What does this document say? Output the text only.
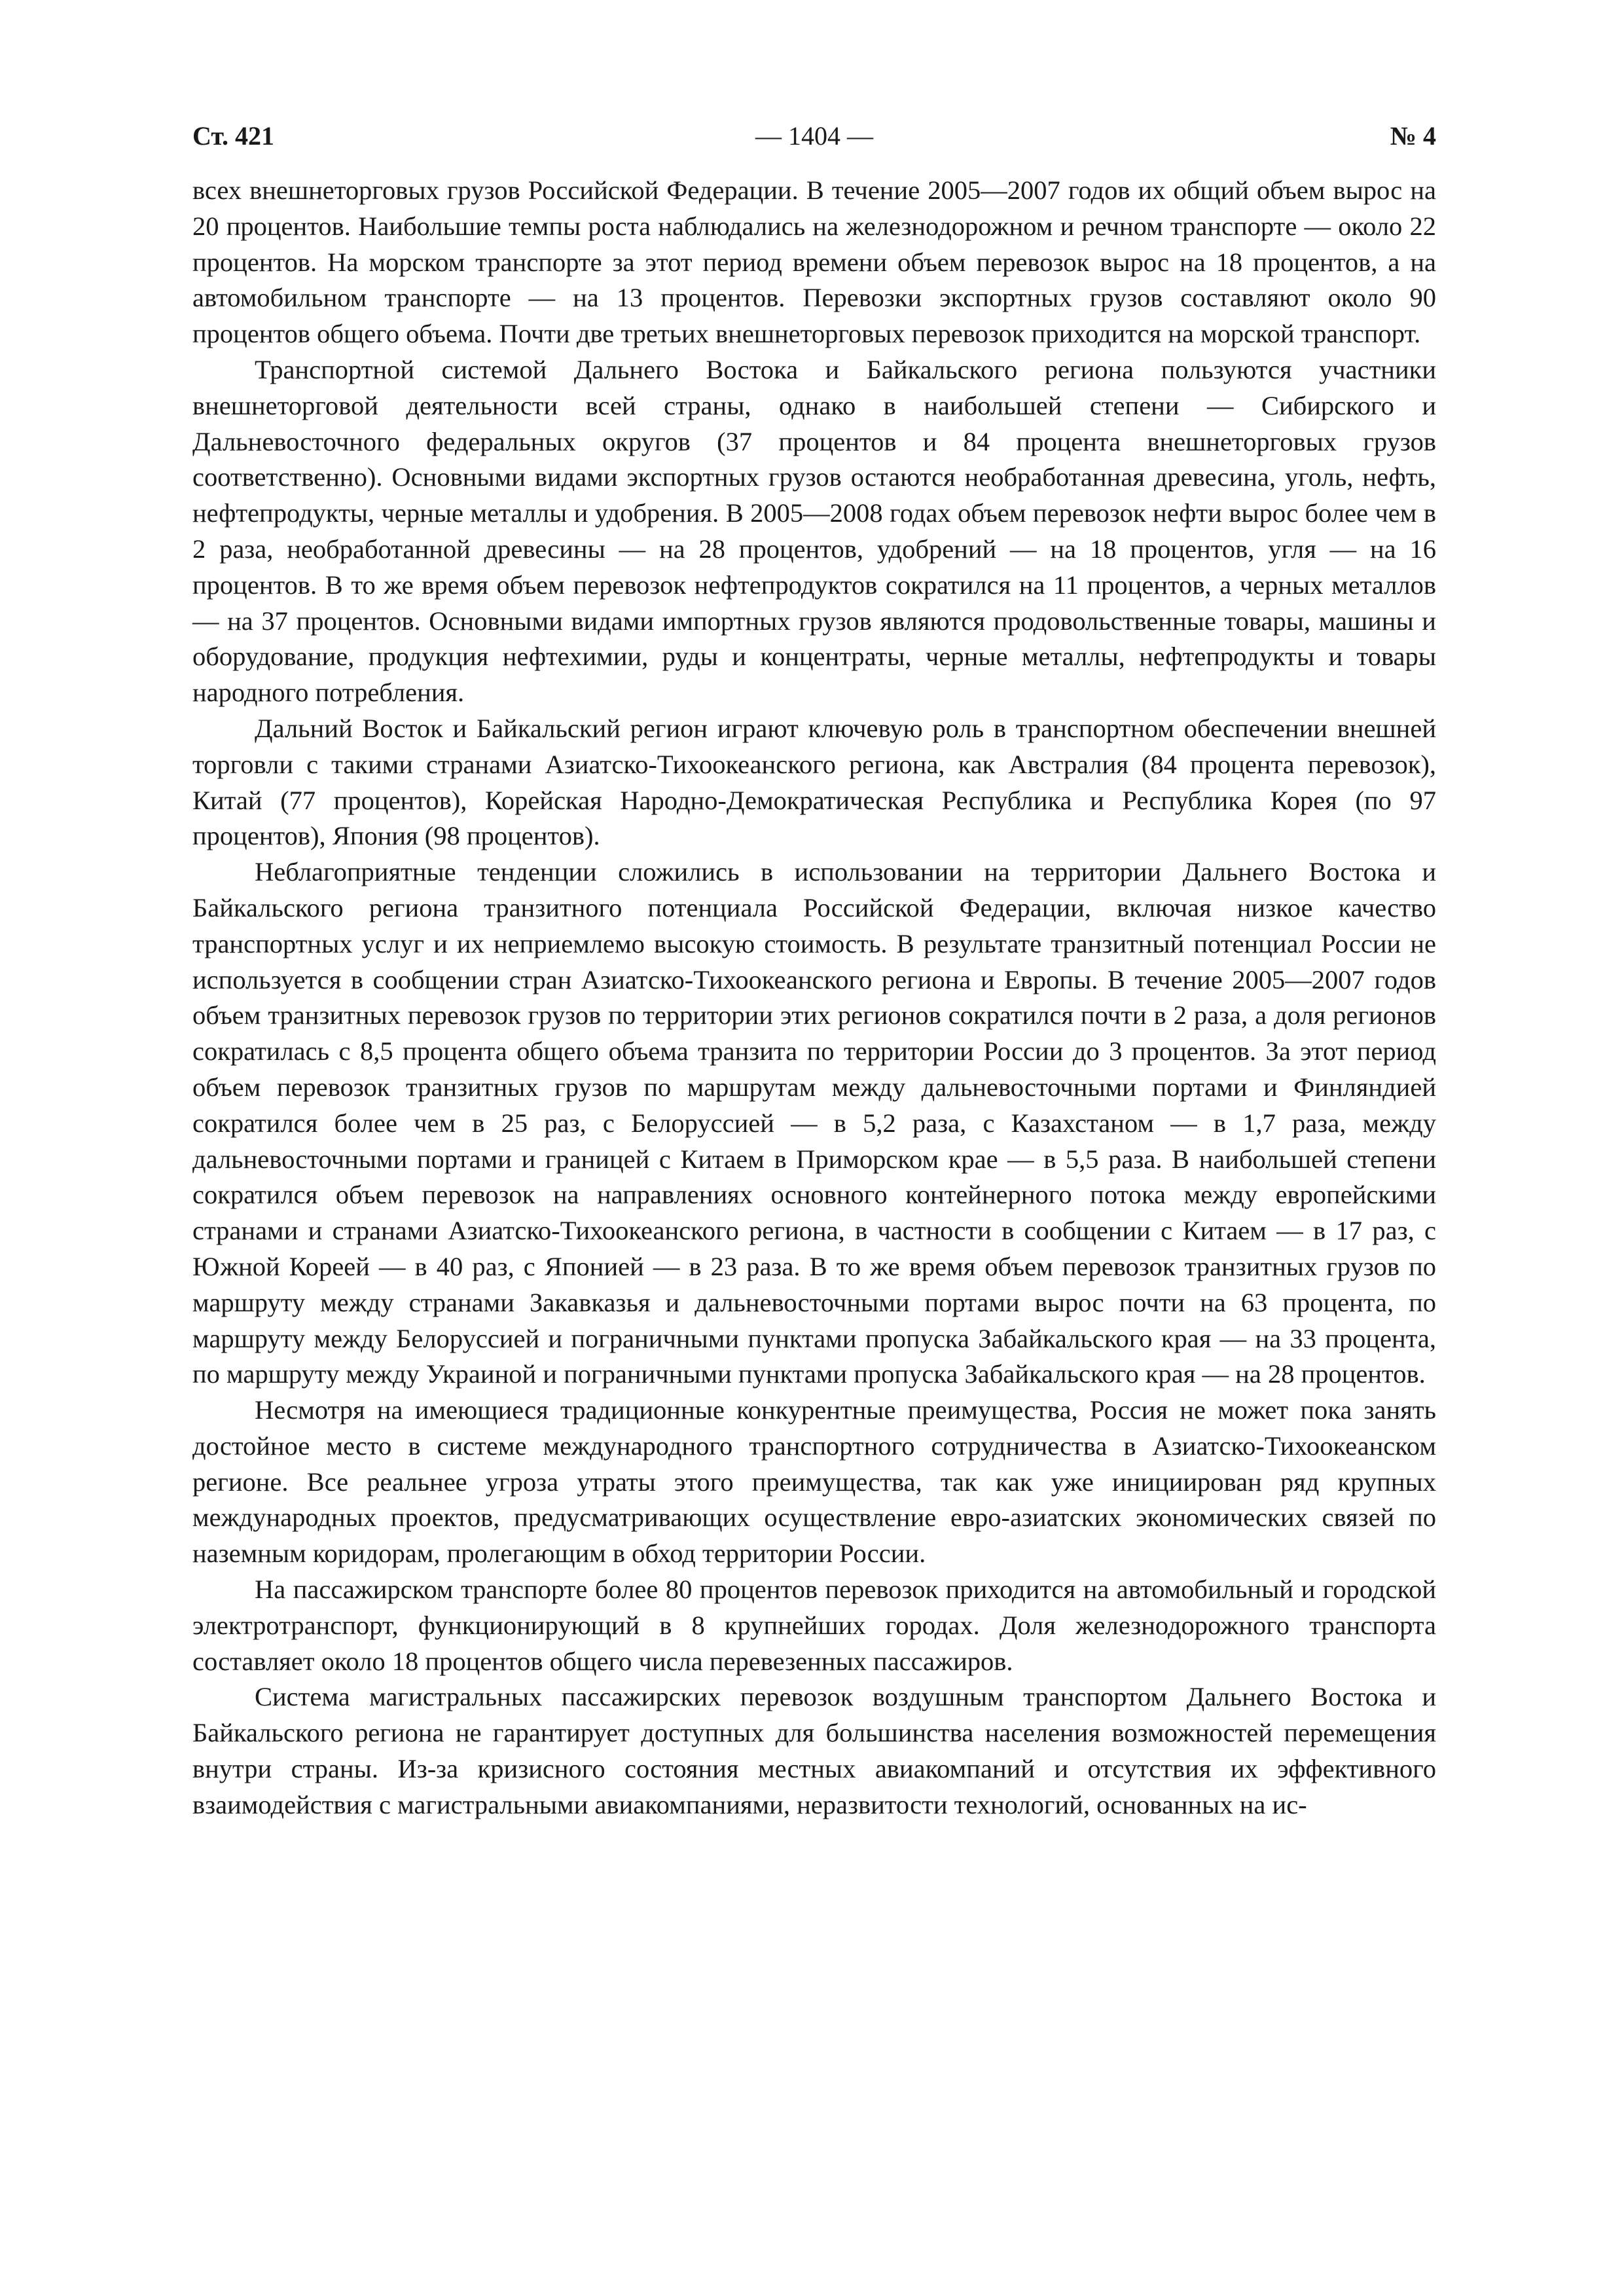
Ст. 421	— 1404 —	№ 4

всех внешнеторговых грузов Российской Федерации. В течение 2005—2007 годов их общий объем вырос на 20 процентов. Наибольшие темпы роста наблюдались на железнодорожном и речном транспорте — около 22 процентов. На морском транспорте за этот период времени объем перевозок вырос на 18 процентов, а на автомобильном транспорте — на 13 процентов. Перевозки экспортных грузов составляют около 90 процентов общего объема. Почти две третьих внешнеторговых перевозок приходится на морской транспорт.

Транспортной системой Дальнего Востока и Байкальского региона пользуются участники внешнеторговой деятельности всей страны, однако в наибольшей степени — Сибирского и Дальневосточного федеральных округов (37 процентов и 84 процента внешнеторговых грузов соответственно). Основными видами экспортных грузов остаются необработанная древесина, уголь, нефть, нефтепродукты, черные металлы и удобрения. В 2005—2008 годах объем перевозок нефти вырос более чем в 2 раза, необработанной древесины — на 28 процентов, удобрений — на 18 процентов, угля — на 16 процентов. В то же время объем перевозок нефтепродуктов сократился на 11 процентов, а черных металлов — на 37 процентов. Основными видами импортных грузов являются продовольственные товары, машины и оборудование, продукция нефтехимии, руды и концентраты, черные металлы, нефтепродукты и товары народного потребления.

Дальний Восток и Байкальский регион играют ключевую роль в транспортном обеспечении внешней торговли с такими странами Азиатско-Тихоокеанского региона, как Австралия (84 процента перевозок), Китай (77 процентов), Корейская Народно-Демократическая Республика и Республика Корея (по 97 процентов), Япония (98 процентов).

Неблагоприятные тенденции сложились в использовании на территории Дальнего Востока и Байкальского региона транзитного потенциала Российской Федерации, включая низкое качество транспортных услуг и их неприемлемо высокую стоимость. В результате транзитный потенциал России не используется в сообщении стран Азиатско-Тихоокеанского региона и Европы. В течение 2005—2007 годов объем транзитных перевозок грузов по территории этих регионов сократился почти в 2 раза, а доля регионов сократилась с 8,5 процента общего объема транзита по территории России до 3 процентов. За этот период объем перевозок транзитных грузов по маршрутам между дальневосточными портами и Финляндией сократился более чем в 25 раз, с Белоруссией — в 5,2 раза, с Казахстаном — в 1,7 раза, между дальневосточными портами и границей с Китаем в Приморском крае — в 5,5 раза. В наибольшей степени сократился объем перевозок на направлениях основного контейнерного потока между европейскими странами и странами Азиатско-Тихоокеанского региона, в частности в сообщении с Китаем — в 17 раз, с Южной Кореей — в 40 раз, с Японией — в 23 раза. В то же время объем перевозок транзитных грузов по маршруту между странами Закавказья и дальневосточными портами вырос почти на 63 процента, по маршруту между Белоруссией и пограничными пунктами пропуска Забайкальского края — на 33 процента, по маршруту между Украиной и пограничными пунктами пропуска Забайкальского края — на 28 процентов.

Несмотря на имеющиеся традиционные конкурентные преимущества, Россия не может пока занять достойное место в системе международного транспортного сотрудничества в Азиатско-Тихоокеанском регионе. Все реальнее угроза утраты этого преимущества, так как уже инициирован ряд крупных международных проектов, предусматривающих осуществление евро-азиатских экономических связей по наземным коридорам, пролегающим в обход территории России.

На пассажирском транспорте более 80 процентов перевозок приходится на автомобильный и городской электротранспорт, функционирующий в 8 крупнейших городах. Доля железнодорожного транспорта составляет около 18 процентов общего числа перевезенных пассажиров.

Система магистральных пассажирских перевозок воздушным транспортом Дальнего Востока и Байкальского региона не гарантирует доступных для большинства населения возможностей перемещения внутри страны. Из-за кризисного состояния местных авиакомпаний и отсутствия их эффективного взаимодействия с магистральными авиакомпаниями, неразвитости технологий, основанных на ис-
